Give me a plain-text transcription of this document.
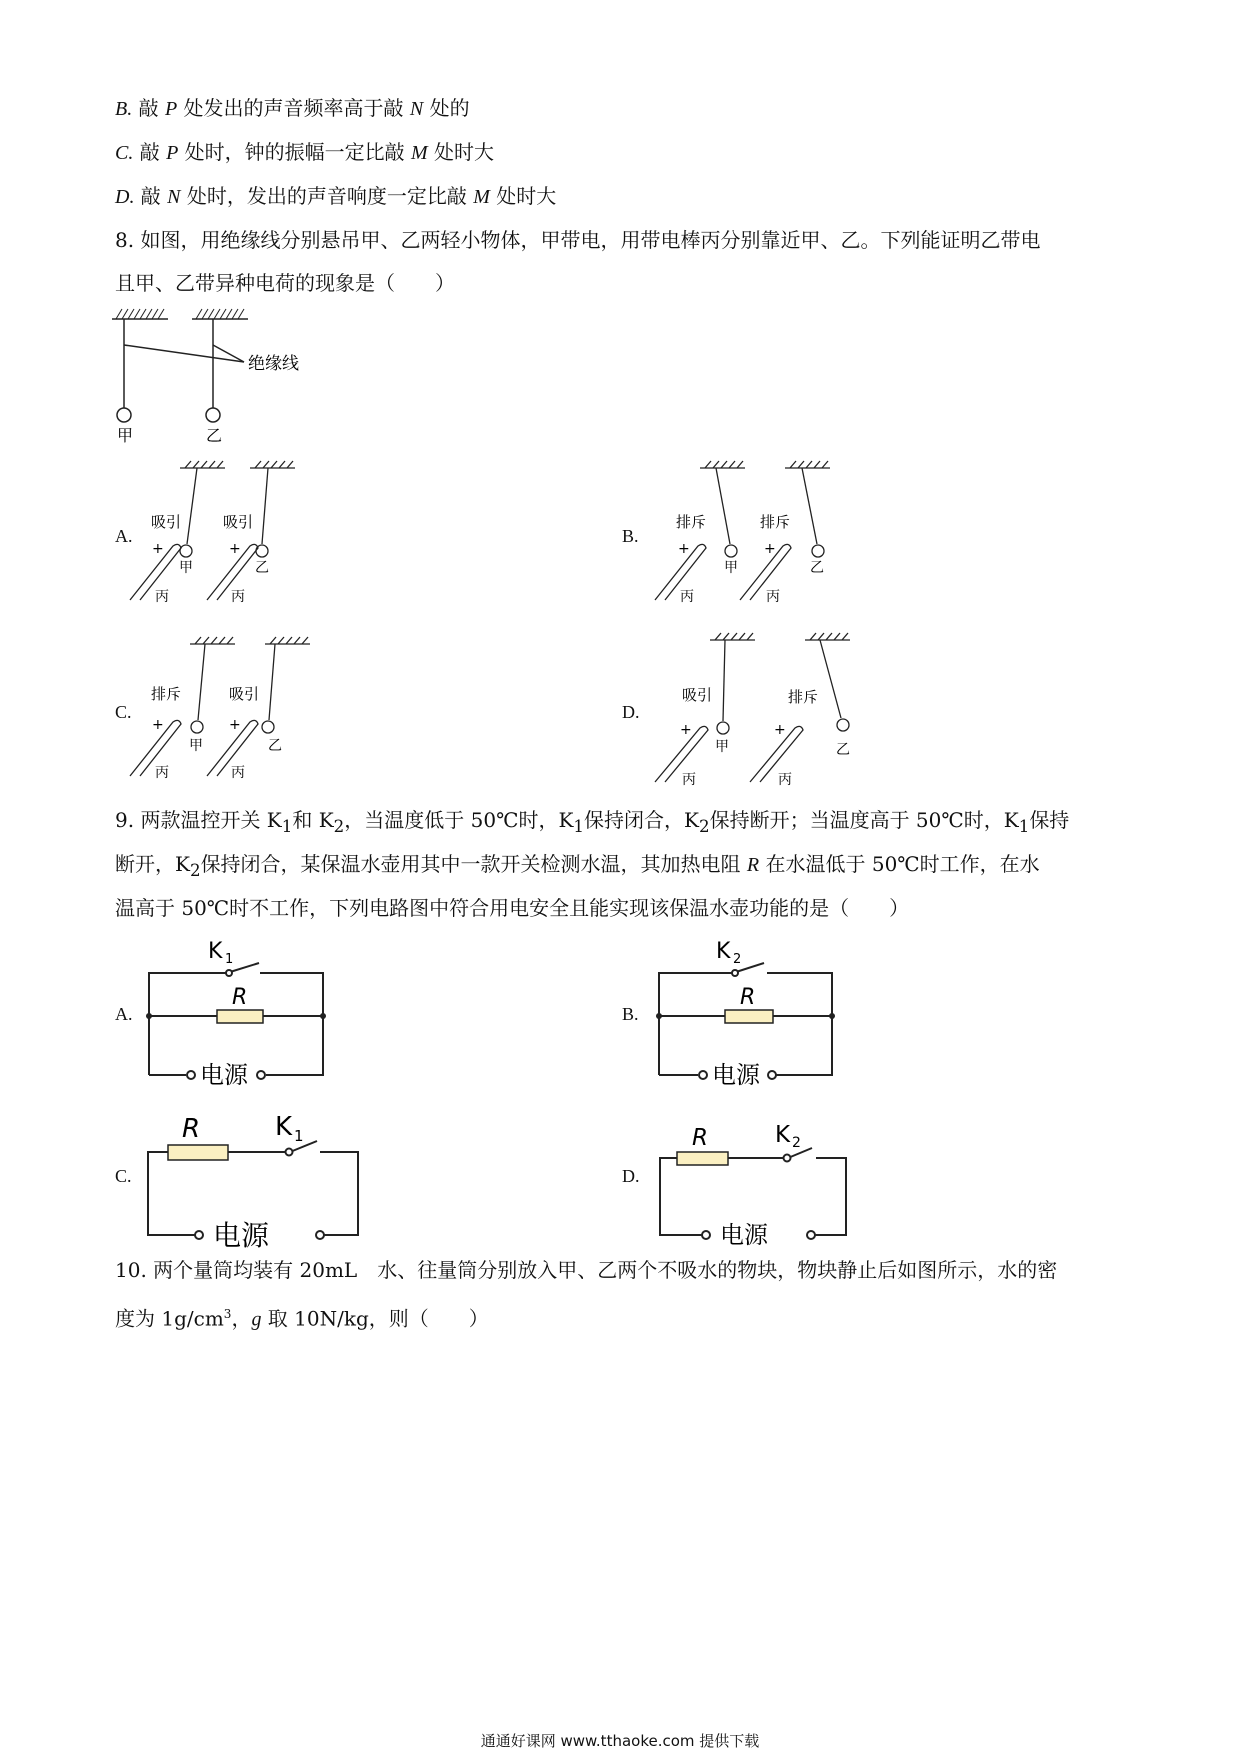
B. 敲 P 处发出的声音频率高于敲 N 处的
C. 敲 P 处时，钟的振幅一定比敲 M 处时大
D. 敲 N 处时，发出的声音响度一定比敲 M 处时大
8. 如图，用绝缘线分别悬吊甲、乙两轻小物体，甲带电，用带电棒丙分别靠近甲、乙。下列能证明乙带电
且甲、乙带异种电荷的现象是（　　）
绝缘线
甲	乙
A.
吸引	吸引
+	+
甲	乙
丙	丙
B.
排斥	排斥
+	+
甲	乙
丙	丙
C.
排斥	吸引
+	+
甲	乙
丙	丙
D.
吸引	排斥
+	+
甲	乙
丙	丙
9. 两款温控开关 $K_1$和 $K_2$，当温度低于 50℃时，$K_1$保持闭合，$K_2$保持断开；当温度高于 50℃时，$K_1$保持
断开，$K_2$保持闭合，某保温水壶用其中一款开关检测水温，其加热电阻 R 在水温低于 50℃时工作，在水
温高于 50℃时不工作，下列电路图中符合用电安全且能实现该保温水壶功能的是（　　）
A.
K 1
R
电源
B.
K 2
R
电源
C.
R	K 1
电源
D.
R	K 2
电源
10. 两个量筒均装有 20mL　水、往量筒分别放入甲、乙两个不吸水的物块，物块静止后如图所示，水的密
度为 $1g/cm^3$，g 取 10N/kg，则（　　）
通通好课网 www.tthaoke.com 提供下载
